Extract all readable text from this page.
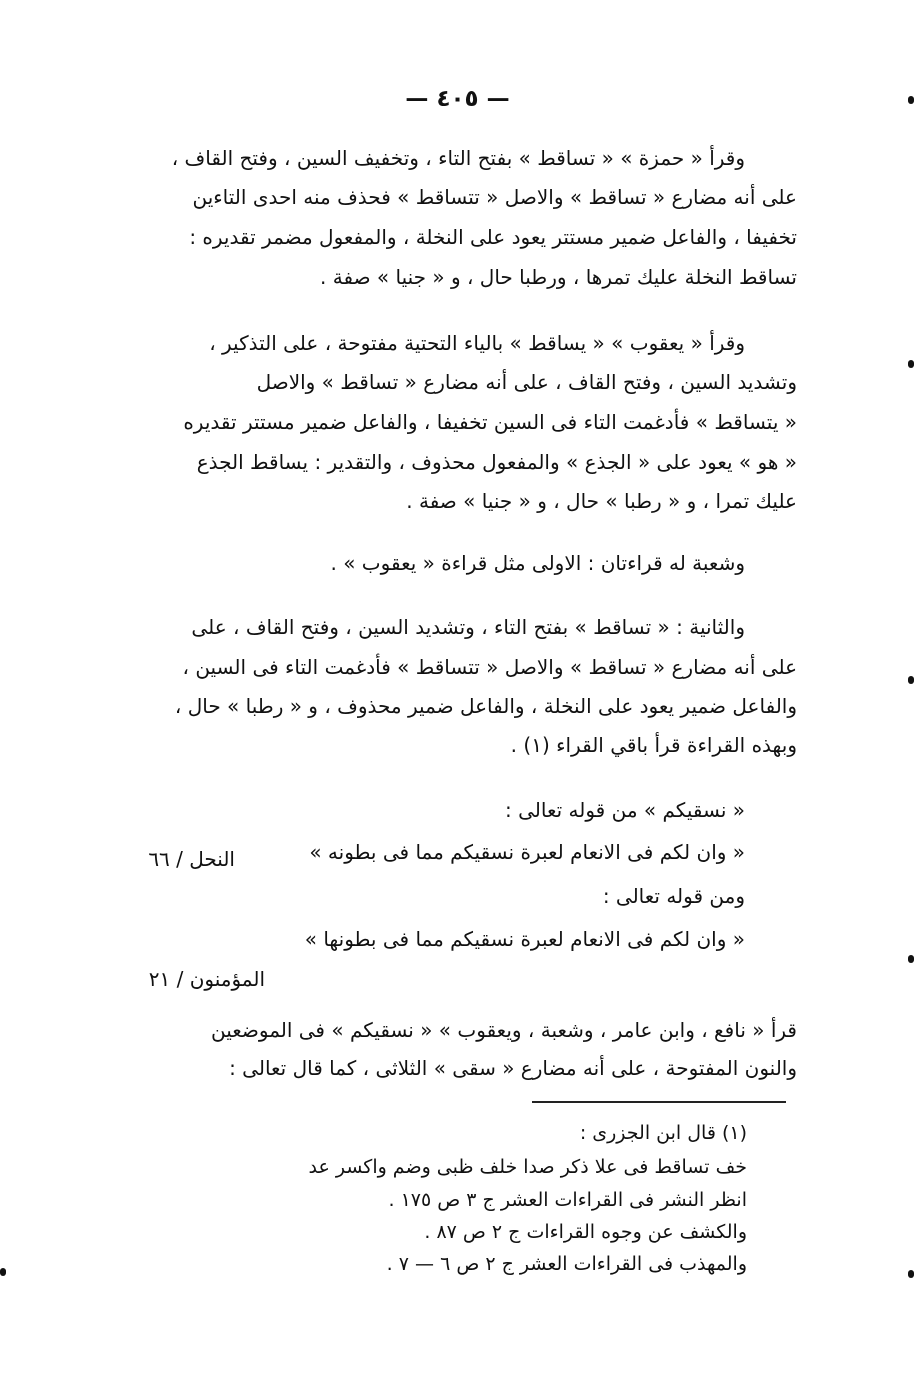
— ٤٠٥ —
وقرأ « حمزة » « تساقط » بفتح التاء ، وتخفيف السين ، وفتح القاف ،
على أنه مضارع « تساقط » والاصل « تتساقط » فحذف منه احدى التاءين
تخفيفا ، والفاعل ضمير مستتر يعود على النخلة ، والمفعول مضمر تقديره :
تساقط النخلة عليك تمرها ، ورطبا حال ، و « جنيا » صفة .
وقرأ « يعقوب » « يساقط » بالياء التحتية مفتوحة ، على التذكير ،
وتشديد السين ، وفتح القاف ، على أنه مضارع « تساقط » والاصل
« يتساقط » فأدغمت التاء فى السين تخفيفا ، والفاعل ضمير مستتر تقديره
« هو » يعود على « الجذع » والمفعول محذوف ، والتقدير : يساقط الجذع
عليك تمرا ، و « رطبا » حال ، و « جنيا » صفة .
وشعبة له قراءتان : الاولى مثل قراءة « يعقوب » .
والثانية : « تساقط » بفتح التاء ، وتشديد السين ، وفتح القاف ، على
على أنه مضارع « تساقط » والاصل « تتساقط » فأدغمت التاء فى السين ،
والفاعل ضمير يعود على النخلة ، والفاعل ضمير محذوف ، و « رطبا » حال ،
وبهذه القراءة قرأ باقي القراء (١) .
« نسقيكم » من قوله تعالى :
« وان لكم فى الانعام لعبرة نسقيكم مما فى بطونه »
النحل / ٦٦
ومن قوله تعالى :
« وان لكم فى الانعام لعبرة نسقيكم مما فى بطونها »
المؤمنون / ٢١
قرأ « نافع ، وابن عامر ، وشعبة ، ويعقوب » « نسقيكم » فى الموضعين
والنون المفتوحة ، على أنه مضارع « سقى » الثلاثى ، كما قال تعالى :
(١) قال ابن الجزرى :
خف تساقط فى علا ذكر صدا خلف ظبى وضم واكسر عد
انظر النشر فى القراءات العشر ج ٣ ص ١٧٥ .
والكشف عن وجوه القراءات ج ٢ ص ٨٧ .
والمهذب فى القراءات العشر ج ٢ ص ٦ — ٧ .
